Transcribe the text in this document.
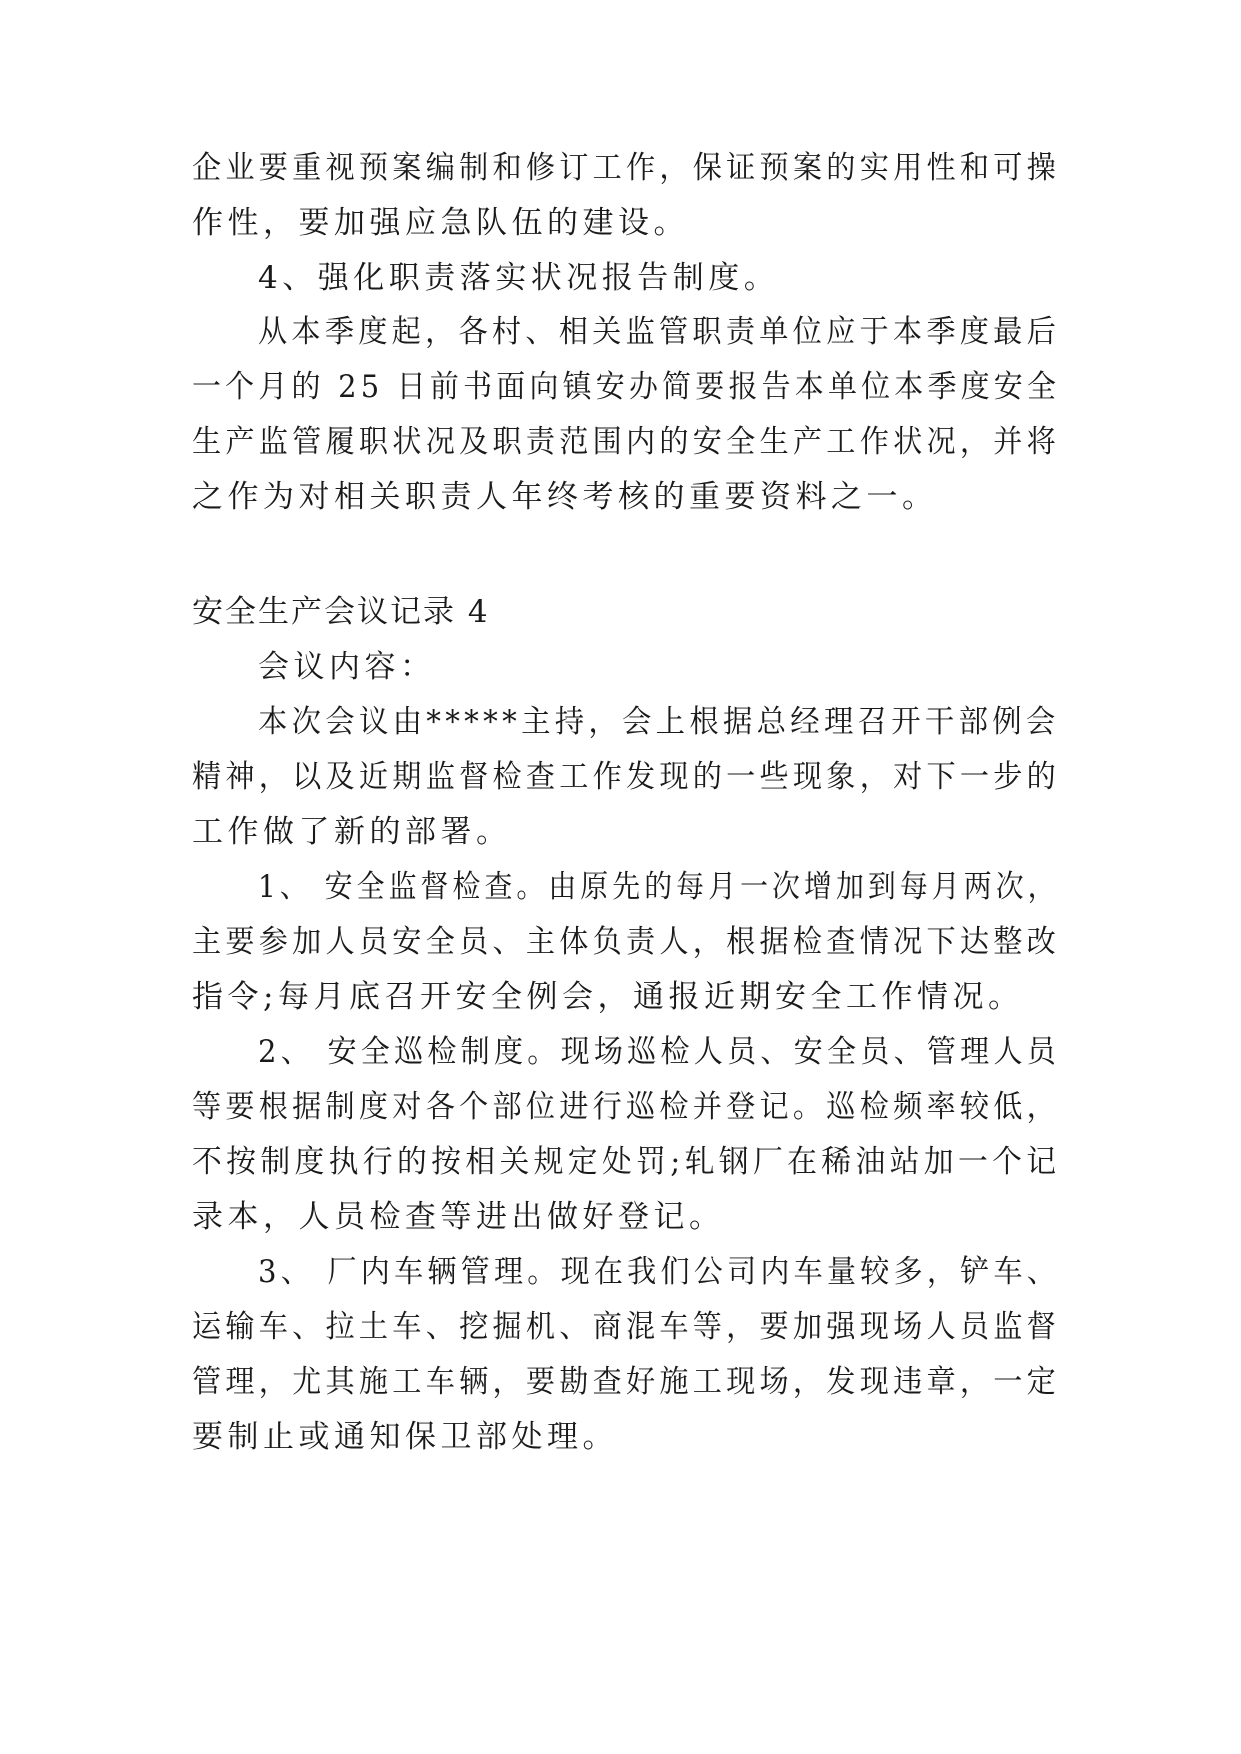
企业要重视预案编制和修订工作，保证预案的实用性和可操
作性，要加强应急队伍的建设。
4、强化职责落实状况报告制度。
从本季度起，各村、相关监管职责单位应于本季度最后
一个月的 25 日前书面向镇安办简要报告本单位本季度安全
生产监管履职状况及职责范围内的安全生产工作状况，并将
之作为对相关职责人年终考核的重要资料之一。
安全生产会议记录 4
会议内容：
本次会议由*****主持，会上根据总经理召开干部例会
精神，以及近期监督检查工作发现的一些现象，对下一步的
工作做了新的部署。
1、 安全监督检查。由原先的每月一次增加到每月两次，
主要参加人员安全员、主体负责人，根据检查情况下达整改
指令;每月底召开安全例会，通报近期安全工作情况。
2、 安全巡检制度。现场巡检人员、安全员、管理人员
等要根据制度对各个部位进行巡检并登记。巡检频率较低，
不按制度执行的按相关规定处罚;轧钢厂在稀油站加一个记
录本，人员检查等进出做好登记。
3、 厂内车辆管理。现在我们公司内车量较多，铲车、
运输车、拉土车、挖掘机、商混车等，要加强现场人员监督
管理，尤其施工车辆，要勘查好施工现场，发现违章，一定
要制止或通知保卫部处理。
